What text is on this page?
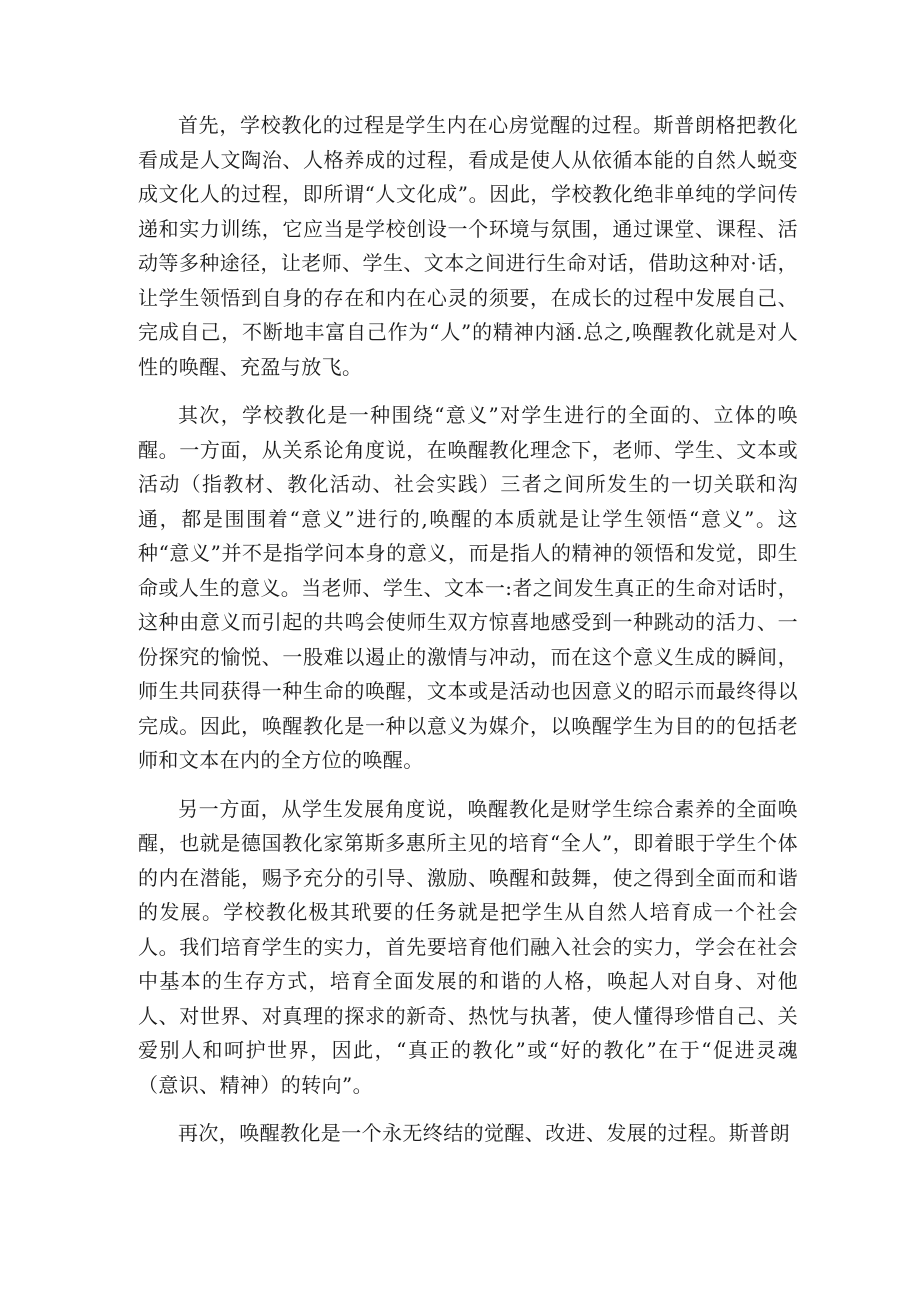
首先，学校教化的过程是学生内在心房觉醒的过程。斯普朗格把教化看成是人文陶治、人格养成的过程，看成是使人从依循本能的自然人蜕变成文化人的过程，即所谓“人文化成”。因此，学校教化绝非单纯的学问传递和实力训练，它应当是学校创设一个环境与氛围，通过课堂、课程、活动等多种途径，让老师、学生、文本之间进行生命对话，借助这种对·话，让学生领悟到自身的存在和内在心灵的须要，在成长的过程中发展自己、完成自己，不断地丰富自己作为“人”的精神内涵.总之,唤醒教化就是对人性的唤醒、充盈与放飞。

其次，学校教化是一种围绕“意义”对学生进行的全面的、立体的唤醒。一方面，从关系论角度说，在唤醒教化理念下，老师、学生、文本或活动（指教材、教化活动、社会实践）三者之间所发生的一切关联和沟通，都是围围着“意义”进行的,唤醒的本质就是让学生领悟“意义”。这种“意义”并不是指学问本身的意义，而是指人的精神的领悟和发觉，即生命或人生的意义。当老师、学生、文本一:者之间发生真正的生命对话时，这种由意义而引起的共鸣会使师生双方惊喜地感受到一种跳动的活力、一份探究的愉悦、一股难以遏止的激情与冲动，而在这个意义生成的瞬间，师生共同获得一种生命的唤醒，文本或是活动也因意义的昭示而最终得以完成。因此，唤醒教化是一种以意义为媒介，以唤醒学生为目的的包括老师和文本在内的全方位的唤醒。

另一方面，从学生发展角度说，唤醒教化是财学生综合素养的全面唤醒，也就是德国教化家第斯多惠所主见的培育“全人”，即着眼于学生个体的内在潜能，赐予充分的引导、激励、唤醒和鼓舞，使之得到全面而和谐的发展。学校教化极其玳要的任务就是把学生从自然人培育成一个社会人。我们培育学生的实力，首先要培育他们融入社会的实力，学会在社会中基本的生存方式，培育全面发展的和谐的人格，唤起人对自身、对他人、对世界、对真理的探求的新奇、热忱与执著，使人懂得珍惜自己、关爱别人和呵护世界，因此，“真正的教化”或“好的教化”在于“促进灵魂（意识、精神）的转向”。

再次，唤醒教化是一个永无终结的觉醒、改进、发展的过程。斯普朗
